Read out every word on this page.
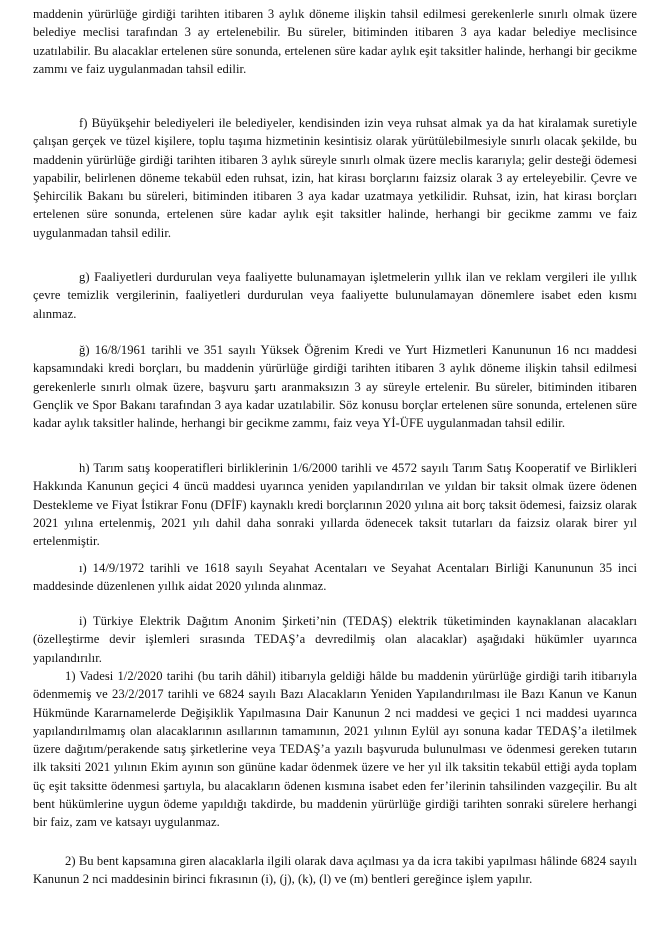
maddenin yürürlüğe girdiği tarihten itibaren 3 aylık döneme ilişkin tahsil edilmesi gerekenlerle sınırlı olmak üzere belediye meclisi tarafından 3 ay ertelenebilir. Bu süreler, bitiminden itibaren 3 aya kadar belediye meclisince uzatılabilir. Bu alacaklar ertelenen süre sonunda, ertelenen süre kadar aylık eşit taksitler halinde, herhangi bir gecikme zammı ve faiz uygulanmadan tahsil edilir.

f) Büyükşehir belediyeleri ile belediyeler, kendisinden izin veya ruhsat almak ya da hat kiralamak suretiyle çalışan gerçek ve tüzel kişilere, toplu taşıma hizmetinin kesintisiz olarak yürütülebilmesiyle sınırlı olacak şekilde, bu maddenin yürürlüğe girdiği tarihten itibaren 3 aylık süreyle sınırlı olmak üzere meclis kararıyla; gelir desteği ödemesi yapabilir, belirlenen döneme tekabül eden ruhsat, izin, hat kirası borçlarını faizsiz olarak 3 ay erteleyebilir. Çevre ve Şehircilik Bakanı bu süreleri, bitiminden itibaren 3 aya kadar uzatmaya yetkilidir. Ruhsat, izin, hat kirası borçları ertelenen süre sonunda, ertelenen süre kadar aylık eşit taksitler halinde, herhangi bir gecikme zammı ve faiz uygulanmadan tahsil edilir.

g) Faaliyetleri durdurulan veya faaliyette bulunamayan işletmelerin yıllık ilan ve reklam vergileri ile yıllık çevre temizlik vergilerinin, faaliyetleri durdurulan veya faaliyette bulunulamayan dönemlere isabet eden kısmı alınmaz.

ğ) 16/8/1961 tarihli ve 351 sayılı Yüksek Öğrenim Kredi ve Yurt Hizmetleri Kanununun 16 ncı maddesi kapsamındaki kredi borçları, bu maddenin yürürlüğe girdiği tarihten itibaren 3 aylık döneme ilişkin tahsil edilmesi gerekenlerle sınırlı olmak üzere, başvuru şartı aranmaksızın 3 ay süreyle ertelenir. Bu süreler, bitiminden itibaren Gençlik ve Spor Bakanı tarafından 3 aya kadar uzatılabilir. Söz konusu borçlar ertelenen süre sonunda, ertelenen süre kadar aylık taksitler halinde, herhangi bir gecikme zammı, faiz veya Yİ-ÜFE uygulanmadan tahsil edilir.

h) Tarım satış kooperatifleri birliklerinin 1/6/2000 tarihli ve 4572 sayılı Tarım Satış Kooperatif ve Birlikleri Hakkında Kanunun geçici 4 üncü maddesi uyarınca yeniden yapılandırılan ve yıldan bir taksit olmak üzere ödenen Destekleme ve Fiyat İstikrar Fonu (DFİF) kaynaklı kredi borçlarının 2020 yılına ait borç taksit ödemesi, faizsiz olarak 2021 yılına ertelenmiş, 2021 yılı dahil daha sonraki yıllarda ödenecek taksit tutarları da faizsiz olarak birer yıl ertelenmiştir.

ı) 14/9/1972 tarihli ve 1618 sayılı Seyahat Acentaları ve Seyahat Acentaları Birliği Kanununun 35 inci maddesinde düzenlenen yıllık aidat 2020 yılında alınmaz.

i) Türkiye Elektrik Dağıtım Anonim Şirketi’nin (TEDAŞ) elektrik tüketiminden kaynaklanan alacakları (özelleştirme devir işlemleri sırasında TEDAŞ’a devredilmiş olan alacaklar) aşağıdaki hükümler uyarınca yapılandırılır.

1) Vadesi 1/2/2020 tarihi (bu tarih dâhil) itibarıyla geldiği hâlde bu maddenin yürürlüğe girdiği tarih itibarıyla ödenmemiş ve 23/2/2017 tarihli ve 6824 sayılı Bazı Alacakların Yeniden Yapılandırılması ile Bazı Kanun ve Kanun Hükmünde Kararnamelerde Değişiklik Yapılmasına Dair Kanunun 2 nci maddesi ve geçici 1 nci maddesi uyarınca yapılandırılmamış olan alacaklarının asıllarının tamamının, 2021 yılının Eylül ayı sonuna kadar TEDAŞ’a iletilmek üzere dağıtım/perakende satış şirketlerine veya TEDAŞ’a yazılı başvuruda bulunulması ve ödenmesi gereken tutarın ilk taksiti 2021 yılının Ekim ayının son gününe kadar ödenmek üzere ve her yıl ilk taksitin tekabül ettiği ayda toplam üç eşit taksitte ödenmesi şartıyla, bu alacakların ödenen kısmına isabet eden fer’ilerinin tahsilinden vazgeçilir. Bu alt bent hükümlerine uygun ödeme yapıldığı takdirde, bu maddenin yürürlüğe girdiği tarihten sonraki sürelere herhangi bir faiz, zam ve katsayı uygulanmaz.

2) Bu bent kapsamına giren alacaklarla ilgili olarak dava açılması ya da icra takibi yapılması hâlinde 6824 sayılı Kanunun 2 nci maddesinin birinci fıkrasının (i), (j), (k), (l) ve (m) bentleri gereğince işlem yapılır.
